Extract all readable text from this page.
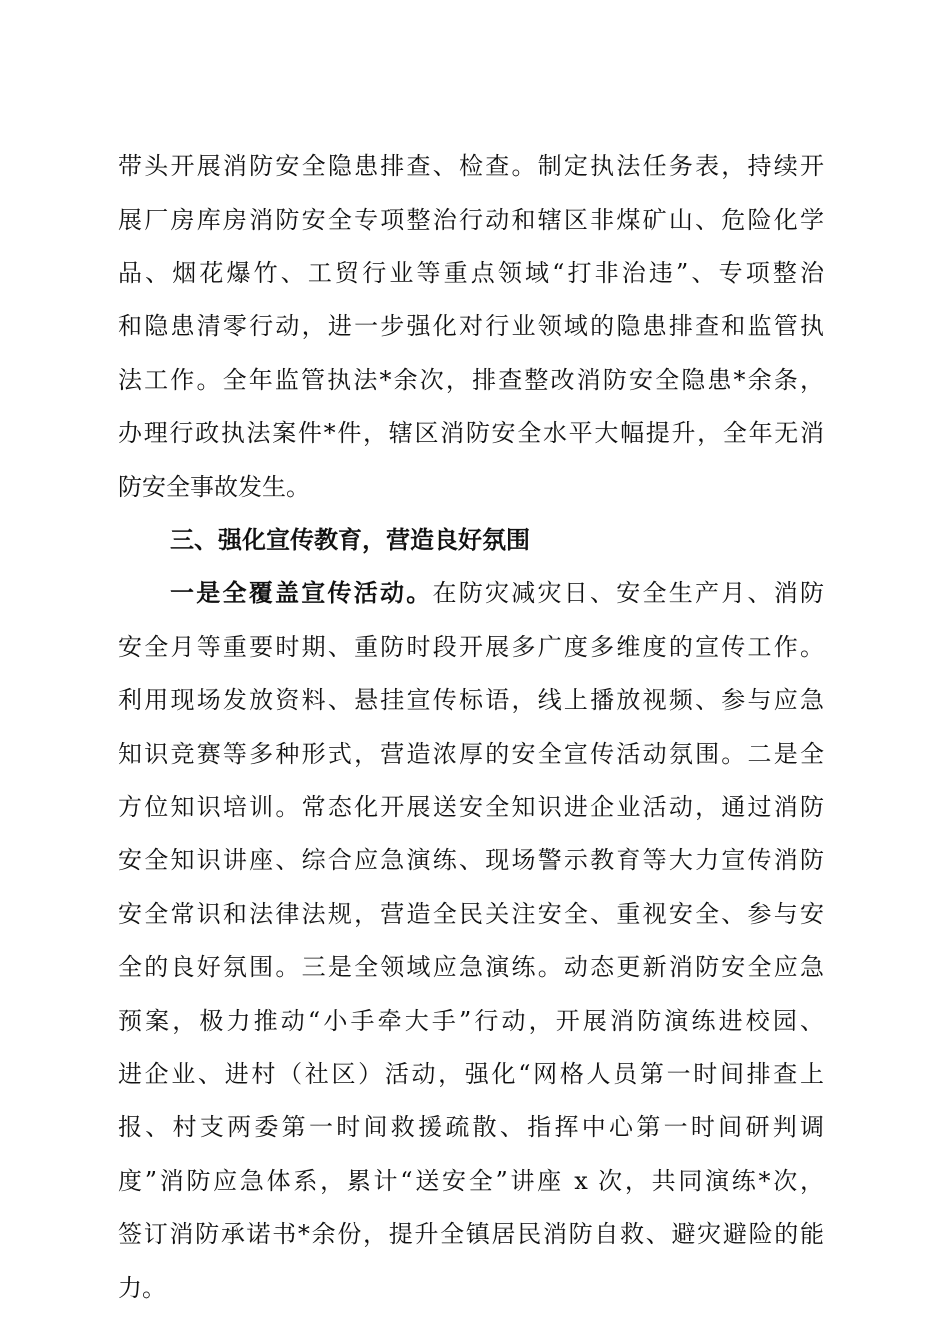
带头开展消防安全隐患排查、检查。制定执法任务表，持续开
展厂房库房消防安全专项整治行动和辖区非煤矿山、危险化学
品、烟花爆竹、工贸行业等重点领域“打非治违”、专项整治
和隐患清零行动，进一步强化对行业领域的隐患排查和监管执
法工作。全年监管执法*余次，排查整改消防安全隐患*余条，
办理行政执法案件*件，辖区消防安全水平大幅提升，全年无消
防安全事故发生。
三、强化宣传教育，营造良好氛围
一是全覆盖宣传活动。在防灾减灾日、安全生产月、消防
安全月等重要时期、重防时段开展多广度多维度的宣传工作。
利用现场发放资料、悬挂宣传标语，线上播放视频、参与应急
知识竞赛等多种形式，营造浓厚的安全宣传活动氛围。二是全
方位知识培训。常态化开展送安全知识进企业活动，通过消防
安全知识讲座、综合应急演练、现场警示教育等大力宣传消防
安全常识和法律法规，营造全民关注安全、重视安全、参与安
全的良好氛围。三是全领域应急演练。动态更新消防安全应急
预案，极力推动“小手牵大手”行动，开展消防演练进校园、
进企业、进村（社区）活动，强化“网格人员第一时间排查上
报、村支两委第一时间救援疏散、指挥中心第一时间研判调
度”消防应急体系，累计“送安全”讲座 x 次，共同演练*次，
签订消防承诺书*余份，提升全镇居民消防自救、避灾避险的能
力。
